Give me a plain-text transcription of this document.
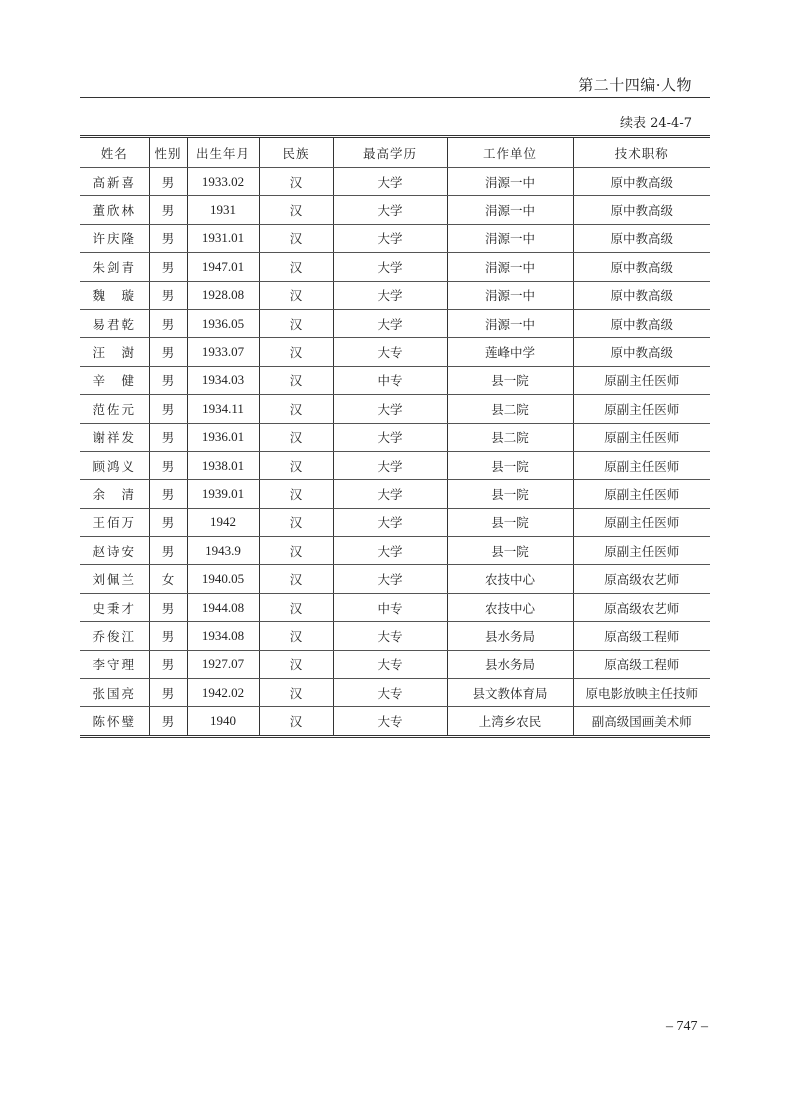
第二十四编·人物
续表 24-4-7
姓名	性别	出生年月	民族	最高学历	工作单位	技术职称
高新喜	男	1933.02	汉	大学	涓源一中	原中教高级
董欣林	男	1931	汉	大学	涓源一中	原中教高级
许庆隆	男	1931.01	汉	大学	涓源一中	原中教高级
朱剑青	男	1947.01	汉	大学	涓源一中	原中教高级
魏　璇	男	1928.08	汉	大学	涓源一中	原中教高级
易君乾	男	1936.05	汉	大学	涓源一中	原中教高级
汪　澍	男	1933.07	汉	大专	莲峰中学	原中教高级
辛　健	男	1934.03	汉	中专	县一院	原副主任医师
范佐元	男	1934.11	汉	大学	县二院	原副主任医师
谢祥发	男	1936.01	汉	大学	县二院	原副主任医师
顾鸿义	男	1938.01	汉	大学	县一院	原副主任医师
余　清	男	1939.01	汉	大学	县一院	原副主任医师
王佰万	男	1942	汉	大学	县一院	原副主任医师
赵诗安	男	1943.9	汉	大学	县一院	原副主任医师
刘佩兰	女	1940.05	汉	大学	农技中心	原高级农艺师
史秉才	男	1944.08	汉	中专	农技中心	原高级农艺师
乔俊江	男	1934.08	汉	大专	县水务局	原高级工程师
李守理	男	1927.07	汉	大专	县水务局	原高级工程师
张国亮	男	1942.02	汉	大专	县文教体育局	原电影放映主任技师
陈怀璧	男	1940	汉	大专	上湾乡农民	副高级国画美术师
– 747 –
